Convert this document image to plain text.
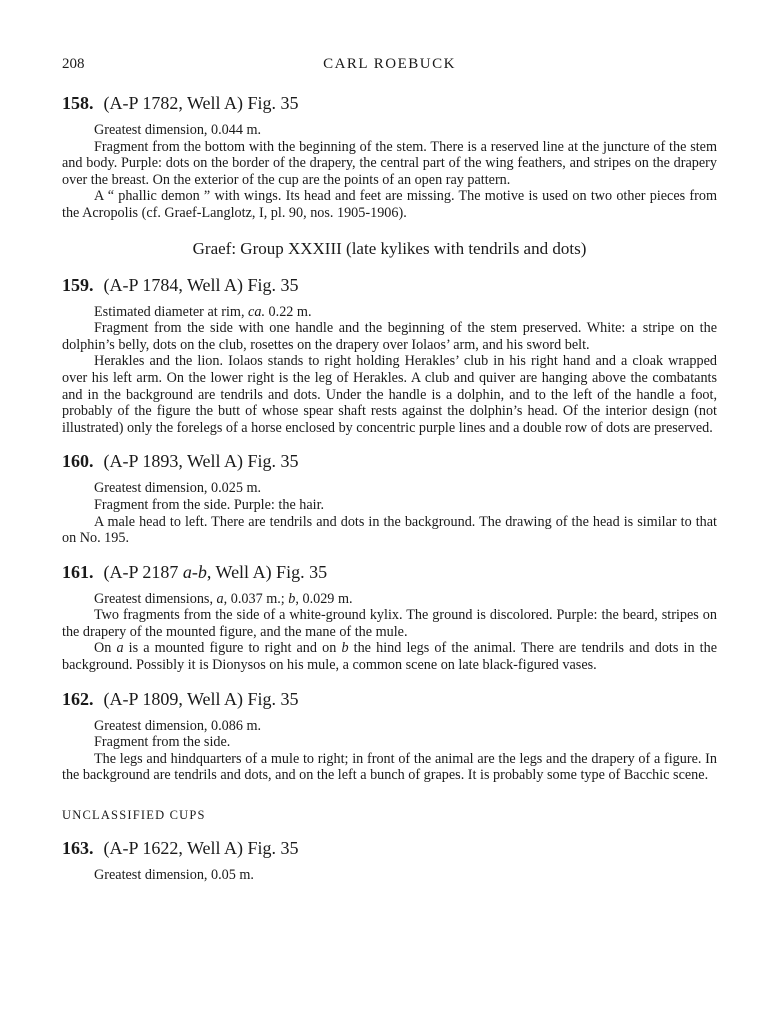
208	CARL ROEBUCK
158. (A-P 1782, Well A) Fig. 35

Greatest dimension, 0.044 m.

Fragment from the bottom with the beginning of the stem. There is a reserved line at the juncture of the stem and body. Purple: dots on the border of the drapery, the central part of the wing feathers, and stripes on the drapery over the breast. On the exterior of the cup are the points of an open ray pattern.

A “ phallic demon ” with wings. Its head and feet are missing. The motive is used on two other pieces from the Acropolis (cf. Graef-Langlotz, I, pl. 90, nos. 1905-1906).

Graef: Group XXXIII (late kylikes with tendrils and dots)
159. (A-P 1784, Well A) Fig. 35

Estimated diameter at rim, ca. 0.22 m.

Fragment from the side with one handle and the beginning of the stem preserved. White: a stripe on the dolphin’s belly, dots on the club, rosettes on the drapery over Iolaos’ arm, and his sword belt.

Herakles and the lion. Iolaos stands to right holding Herakles’ club in his right hand and a cloak wrapped over his left arm. On the lower right is the leg of Herakles. A club and quiver are hanging above the combatants and in the background are tendrils and dots. Under the handle is a dolphin, and to the left of the handle a foot, probably of the figure the butt of whose spear shaft rests against the dolphin’s head. Of the interior design (not illustrated) only the forelegs of a horse enclosed by concentric purple lines and a double row of dots are preserved.

160. (A-P 1893, Well A) Fig. 35

Greatest dimension, 0.025 m.

Fragment from the side. Purple: the hair.

A male head to left. There are tendrils and dots in the background. The drawing of the head is similar to that on No. 195.

161. (A-P 2187 a-b, Well A) Fig. 35

Greatest dimensions, a, 0.037 m.; b, 0.029 m.

Two fragments from the side of a white-ground kylix. The ground is discolored. Purple: the beard, stripes on the drapery of the mounted figure, and the mane of the mule.

On a is a mounted figure to right and on b the hind legs of the animal. There are tendrils and dots in the background. Possibly it is Dionysos on his mule, a common scene on late black-figured vases.

162. (A-P 1809, Well A) Fig. 35

Greatest dimension, 0.086 m.

Fragment from the side.

The legs and hindquarters of a mule to right; in front of the animal are the legs and the drapery of a figure. In the background are tendrils and dots, and on the left a bunch of grapes. It is probably some type of Bacchic scene.

UNCLASSIFIED CUPS
163. (A-P 1622, Well A) Fig. 35

Greatest dimension, 0.05 m.
